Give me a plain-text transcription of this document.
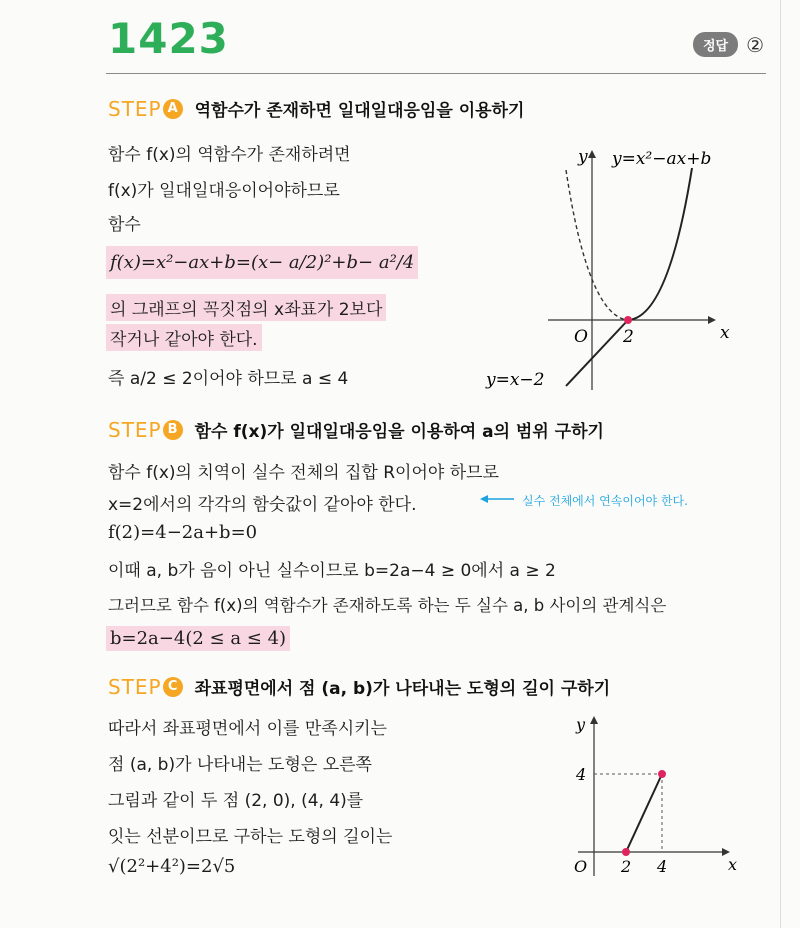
1423	정답 ②
STEP A 역함수가 존재하면 일대일대응임을 이용하기
함수 f(x)의 역함수가 존재하려면
f(x)가 일대일대응이어야하므로
함수
f(x)=x²−ax+b=(x− a/2)²+b− a²/4
의 그래프의 꼭짓점의 x좌표가 2보다
작거나 같아야 한다.
즉 a/2 ≤ 2이어야 하므로 a ≤ 4
y
x
O 2
y=x²−ax+b
y=x−2
STEP B 함수 f(x)가 일대일대응임을 이용하여 a의 범위 구하기
함수 f(x)의 치역이 실수 전체의 집합 R이어야 하므로
x=2에서의 각각의 함숫값이 같아야 한다.	실수 전체에서 연속이어야 한다.
f(2)=4−2a+b=0
이때 a, b가 음이 아닌 실수이므로 b=2a−4 ≥ 0에서 a ≥ 2
그러므로 함수 f(x)의 역함수가 존재하도록 하는 두 실수 a, b 사이의 관계식은
b=2a−4(2 ≤ a ≤ 4)
STEP C	좌표평면에서 점 (a, b)가 나타내는 도형의 길이 구하기
따라서 좌표평면에서 이를 만족시키는
점 (a, b)가 나타내는 도형은 오른쪽
그림과 같이 두 점 (2, 0), (4, 4)를
잇는 선분이므로 구하는 도형의 길이는
√(2²+4²)=2√5
y
x
O 2 4
4
